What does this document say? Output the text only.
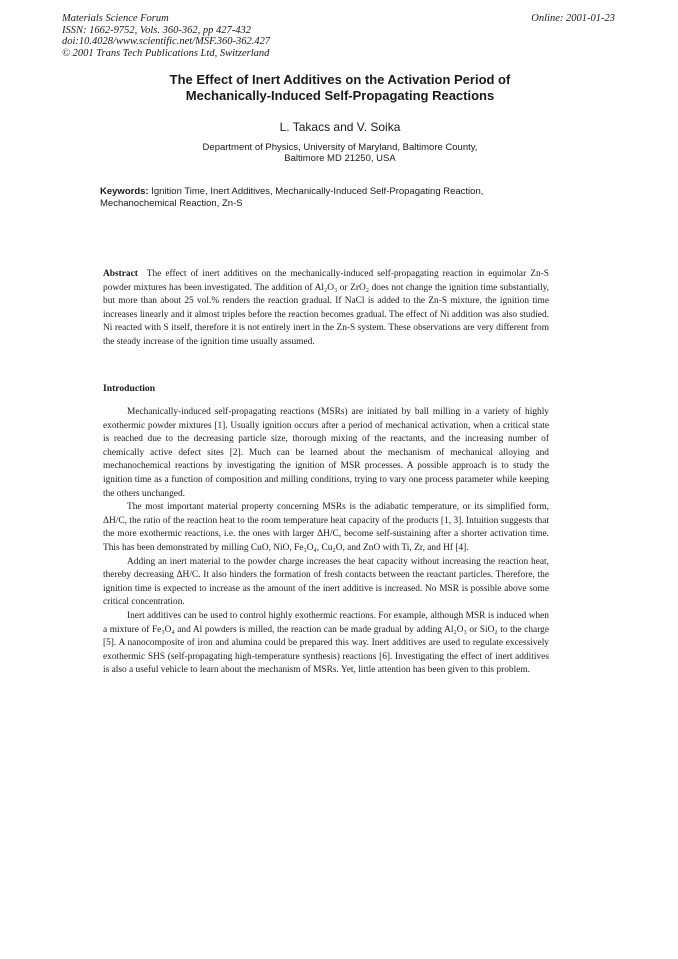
Materials Science Forum
ISSN: 1662-9752, Vols. 360-362, pp 427-432
doi:10.4028/www.scientific.net/MSF.360-362.427
© 2001 Trans Tech Publications Ltd, Switzerland
Online: 2001-01-23
The Effect of Inert Additives on the Activation Period of
Mechanically-Induced Self-Propagating Reactions
L. Takacs and V. Soika
Department of Physics, University of Maryland, Baltimore County,
Baltimore MD 21250, USA
Keywords: Ignition Time, Inert Additives, Mechanically-Induced Self-Propagating Reaction, Mechanochemical Reaction, Zn-S
Abstract The effect of inert additives on the mechanically-induced self-propagating reaction in equimolar Zn-S powder mixtures has been investigated. The addition of Al₂O₃ or ZrO₂ does not change the ignition time substantially, but more than about 25 vol.% renders the reaction gradual. If NaCl is added to the Zn-S mixture, the ignition time increases linearly and it almost triples before the reaction becomes gradual. The effect of Ni addition was also studied. Ni reacted with S itself, therefore it is not entirely inert in the Zn-S system. These observations are very different from the steady increase of the ignition time usually assumed.
Introduction

Mechanically-induced self-propagating reactions (MSRs) are initiated by ball milling in a variety of highly exothermic powder mixtures [1]. Usually ignition occurs after a period of mechanical activation, when a critical state is reached due to the decreasing particle size, thorough mixing of the reactants, and the increasing number of chemically active defect sites [2]. Much can be learned about the mechanism of mechanical alloying and mechanochemical reactions by investigating the ignition of MSR processes. A possible approach is to study the ignition time as a function of composition and milling conditions, trying to vary one process parameter while keeping the others unchanged.

The most important material property concerning MSRs is the adiabatic temperature, or its simplified form, ΔH/C, the ratio of the reaction heat to the room temperature heat capacity of the products [1, 3]. Intuition suggests that the more exothermic reactions, i.e. the ones with larger ΔH/C, become self-sustaining after a shorter activation time. This has been demonstrated by milling CuO, NiO, Fe₃O₄, Cu₂O, and ZnO with Ti, Zr, and Hf [4].

Adding an inert material to the powder charge increases the heat capacity without increasing the reaction heat, thereby decreasing ΔH/C. It also hinders the formation of fresh contacts between the reactant particles. Therefore, the ignition time is expected to increase as the amount of the inert additive is increased. No MSR is possible above some critical concentration.

Inert additives can be used to control highly exothermic reactions. For example, although MSR is induced when a mixture of Fe₃O₄ and Al powders is milled, the reaction can be made gradual by adding Al₂O₃ or SiO₂ to the charge [5]. A nanocomposite of iron and alumina could be prepared this way. Inert additives are used to regulate excessively exothermic SHS (self-propagating high-temperature synthesis) reactions [6]. Investigating the effect of inert additives is also a useful vehicle to learn about the mechanism of MSRs. Yet, little attention has been given to this problem.
